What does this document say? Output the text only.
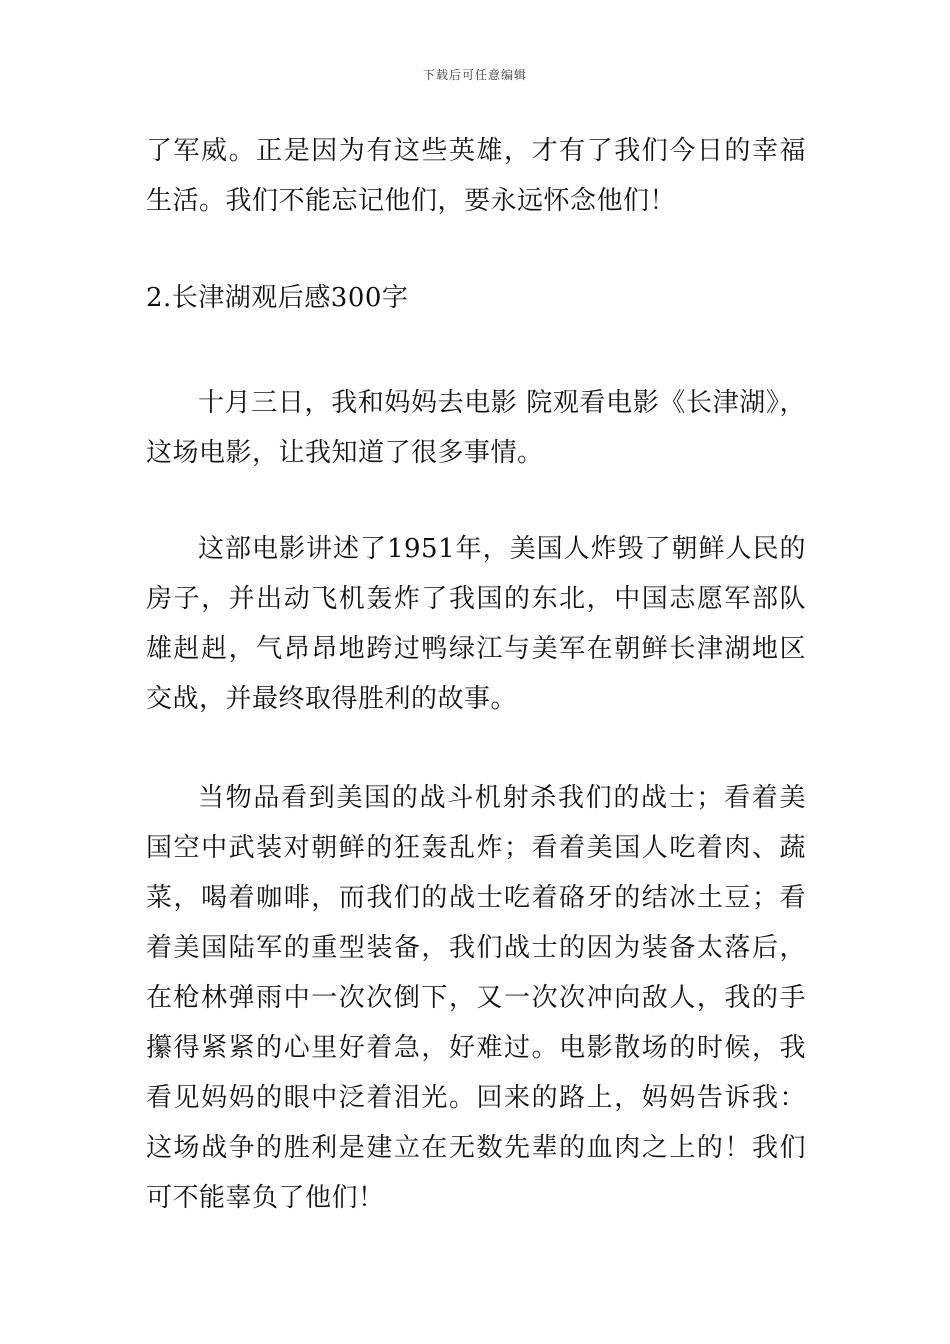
下载后可任意编辑

了军威。正是因为有这些英雄，才有了我们今日的幸福生活。我们不能忘记他们，要永远怀念他们！

2.长津湖观后感300字

十月三日，我和妈妈去电影 院观看电影《长津湖》，这场电影，让我知道了很多事情。

这部电影讲述了1951年，美国人炸毁了朝鲜人民的房子，并出动飞机轰炸了我国的东北，中国志愿军部队雄赳赳，气昂昂地跨过鸭绿江与美军在朝鲜长津湖地区交战，并最终取得胜利的故事。

当物品看到美国的战斗机射杀我们的战士；看着美国空中武装对朝鲜的狂轰乱炸；看着美国人吃着肉、蔬菜，喝着咖啡，而我们的战士吃着硌牙的结冰土豆；看着美国陆军的重型装备，我们战士的因为装备太落后，在枪林弹雨中一次次倒下，又一次次冲向敌人，我的手攥得紧紧的心里好着急，好难过。电影散场的时候，我看见妈妈的眼中泛着泪光。回来的路上，妈妈告诉我：这场战争的胜利是建立在无数先辈的血肉之上的！我们可不能辜负了他们！
